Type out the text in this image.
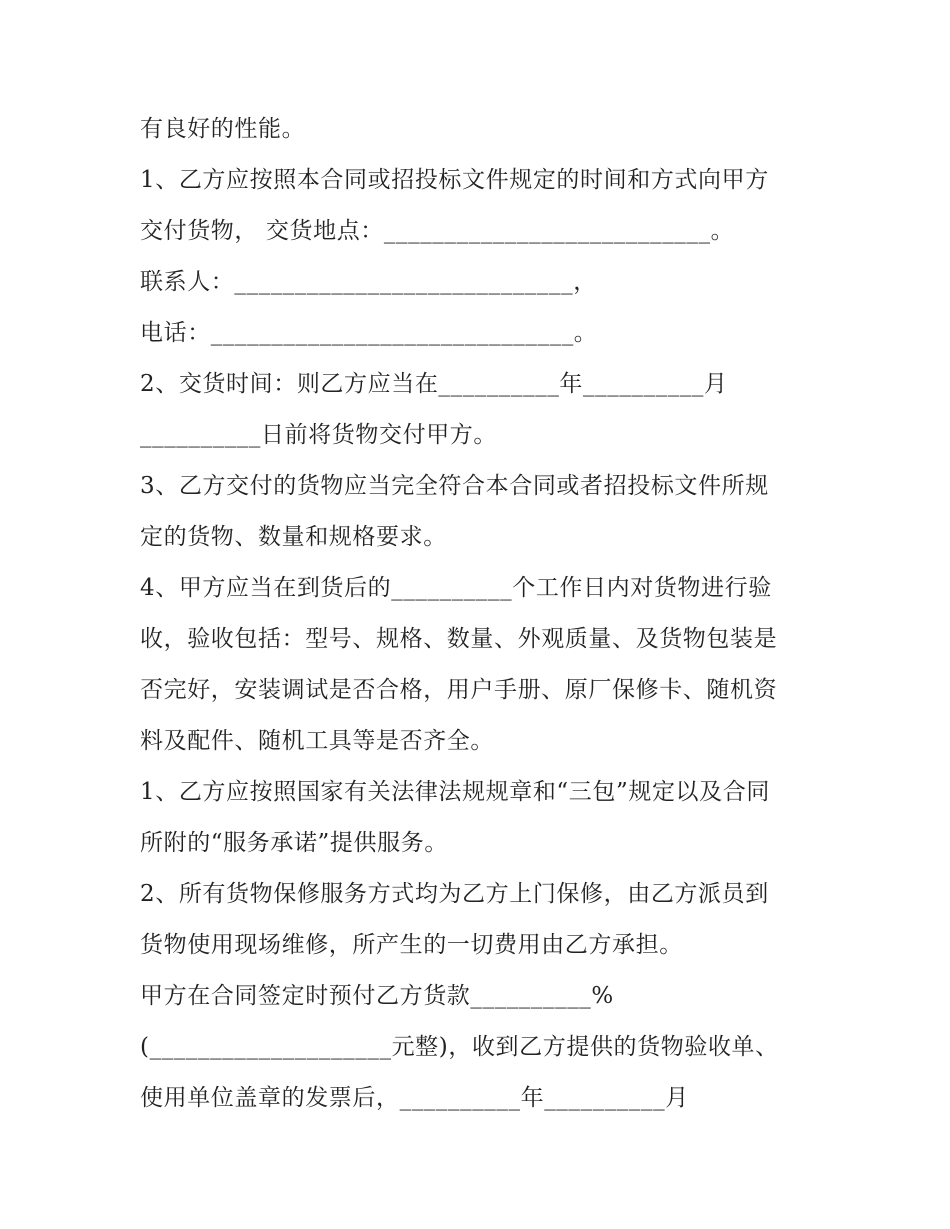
有良好的性能。
1、乙方应按照本合同或招投标文件规定的时间和方式向甲方
交付货物， 交货地点：___________________________。
联系人：____________________________，
电话：______________________________。
2、交货时间：则乙方应当在__________年__________月
__________日前将货物交付甲方。
3、乙方交付的货物应当完全符合本合同或者招投标文件所规
定的货物、数量和规格要求。
4、甲方应当在到货后的__________个工作日内对货物进行验
收，验收包括：型号、规格、数量、外观质量、及货物包装是
否完好，安装调试是否合格，用户手册、原厂保修卡、随机资
料及配件、随机工具等是否齐全。
1、乙方应按照国家有关法律法规规章和“三包”规定以及合同
所附的“服务承诺”提供服务。
2、所有货物保修服务方式均为乙方上门保修，由乙方派员到
货物使用现场维修，所产生的一切费用由乙方承担。
甲方在合同签定时预付乙方货款__________%
(____________________元整)，收到乙方提供的货物验收单、
使用单位盖章的发票后，__________年__________月
